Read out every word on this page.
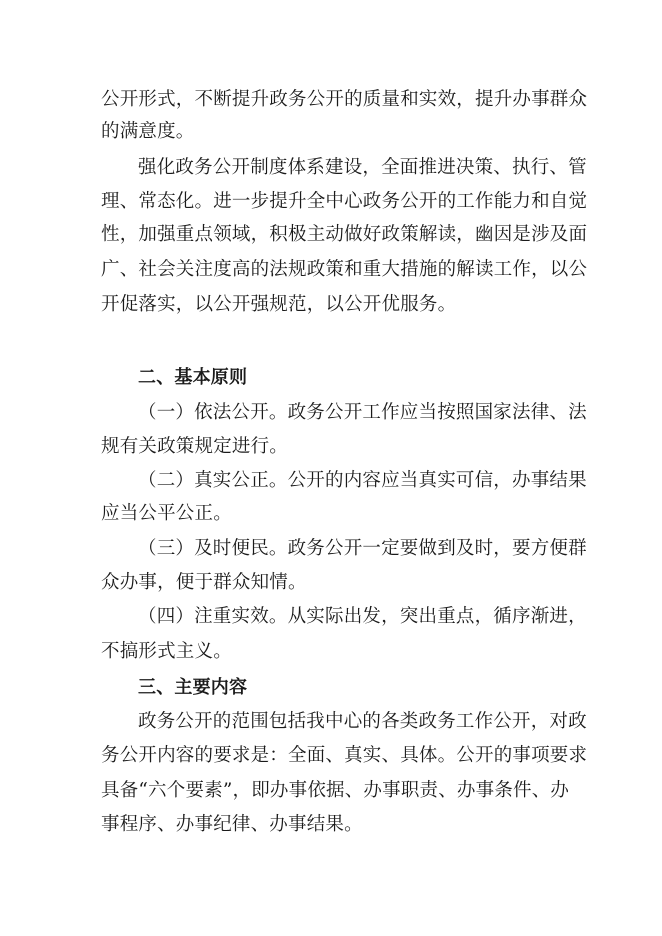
公开形式，不断提升政务公开的质量和实效，提升办事群众
的满意度。
强化政务公开制度体系建设，全面推进决策、执行、管
理、常态化。进一步提升全中心政务公开的工作能力和自觉
性，加强重点领域，积极主动做好政策解读，幽因是涉及面
广、社会关注度高的法规政策和重大措施的解读工作，以公
开促落实，以公开强规范，以公开优服务。
二、基本原则
（一）依法公开。政务公开工作应当按照国家法律、法
规有关政策规定进行。
（二）真实公正。公开的内容应当真实可信，办事结果
应当公平公正。
（三）及时便民。政务公开一定要做到及时，要方便群
众办事，便于群众知情。
（四）注重实效。从实际出发，突出重点，循序渐进，
不搞形式主义。
三、主要内容
政务公开的范围包括我中心的各类政务工作公开，对政
务公开内容的要求是：全面、真实、具体。公开的事项要求
具备“六个要素”，即办事依据、办事职责、办事条件、办
事程序、办事纪律、办事结果。
